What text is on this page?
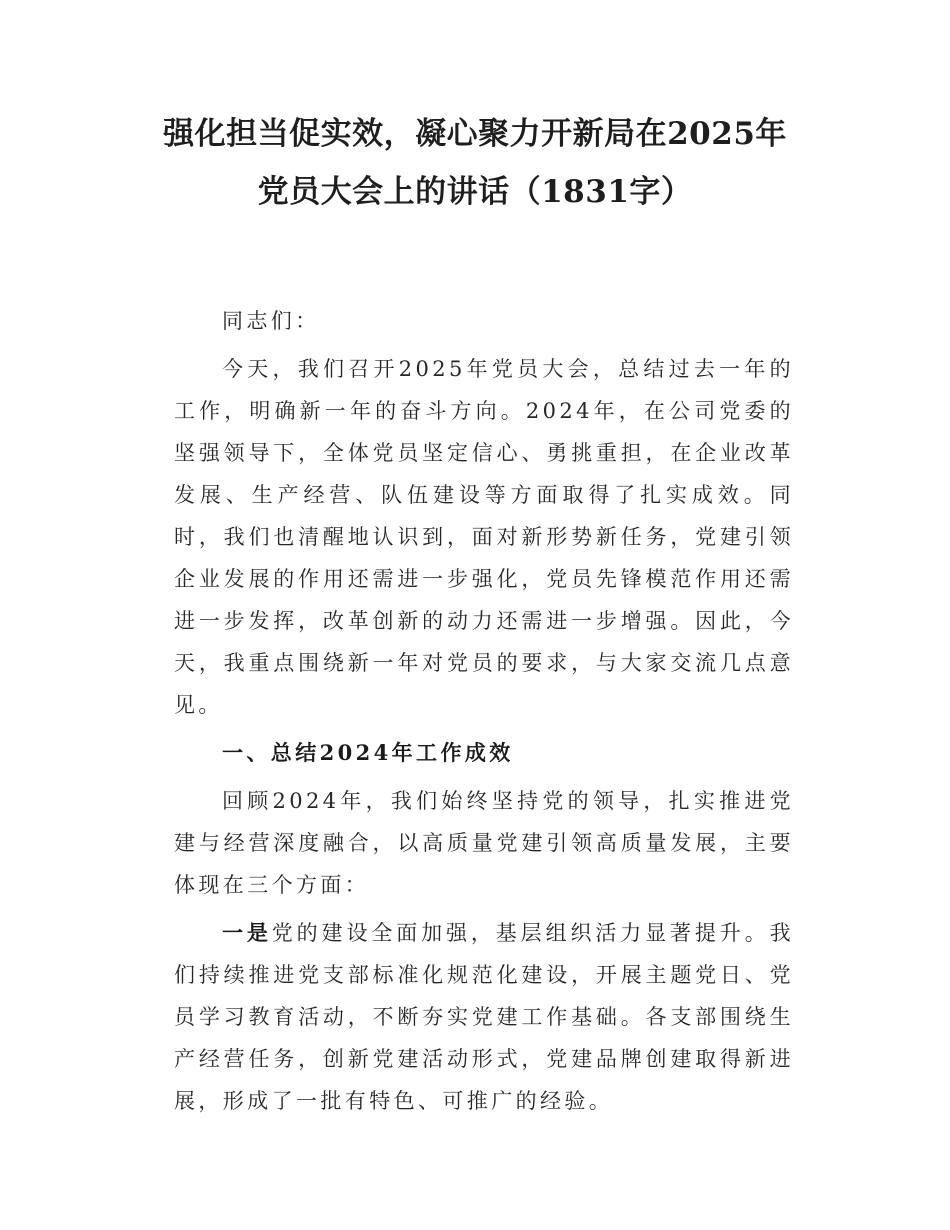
强化担当促实效，凝心聚力开新局在2025年
党员大会上的讲话（1831字）

同志们：

今天，我们召开2025年党员大会，总结过去一年的工作，明确新一年的奋斗方向。2024年，在公司党委的坚强领导下，全体党员坚定信心、勇挑重担，在企业改革发展、生产经营、队伍建设等方面取得了扎实成效。同时，我们也清醒地认识到，面对新形势新任务，党建引领企业发展的作用还需进一步强化，党员先锋模范作用还需进一步发挥，改革创新的动力还需进一步增强。因此，今天，我重点围绕新一年对党员的要求，与大家交流几点意见。

一、总结2024年工作成效

回顾2024年，我们始终坚持党的领导，扎实推进党建与经营深度融合，以高质量党建引领高质量发展，主要体现在三个方面：

一是党的建设全面加强，基层组织活力显著提升。我们持续推进党支部标准化规范化建设，开展主题党日、党员学习教育活动，不断夯实党建工作基础。各支部围绕生产经营任务，创新党建活动形式，党建品牌创建取得新进展，形成了一批有特色、可推广的经验。
